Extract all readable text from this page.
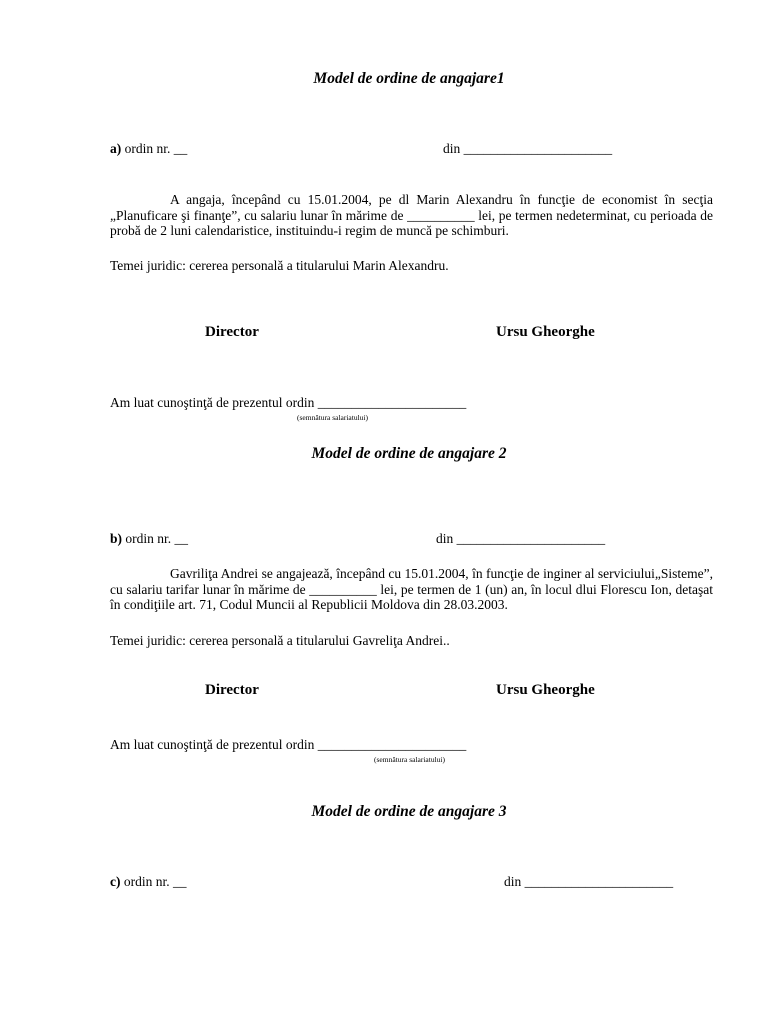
Model de ordine de angajare1
a) ordin nr. __	din ______________________
A angaja, începând cu 15.01.2004, pe dl Marin Alexandru în funcţie de economist în secţia „Planuficare şi finanţe”, cu salariu lunar în mărime de __________ lei, pe termen nedeterminat, cu perioada de probă de 2 luni calendaristice, instituindu-i regim de muncă pe schimburi.
Temei juridic: cererea personală a titularului Marin Alexandru.
Director	Ursu Gheorghe
Am luat cunoştinţă de prezentul ordin ______________________
(semnătura salariatului)
Model de ordine de angajare 2
b) ordin nr. __	din ______________________
Gavriliţa Andrei se angajează, începând cu 15.01.2004, în funcţie de inginer al serviciului„Sisteme”, cu salariu tarifar lunar în mărime de __________ lei, pe termen de 1 (un) an, în locul dlui Florescu Ion, detaşat în condiţiile art. 71, Codul Muncii al Republicii Moldova din 28.03.2003.
Temei juridic: cererea personală a titularului Gavreliţa Andrei..
Director	Ursu Gheorghe
Am luat cunoştinţă de prezentul ordin ______________________
(semnătura salariatului)
Model de ordine de angajare 3
c) ordin nr. __	din ______________________
